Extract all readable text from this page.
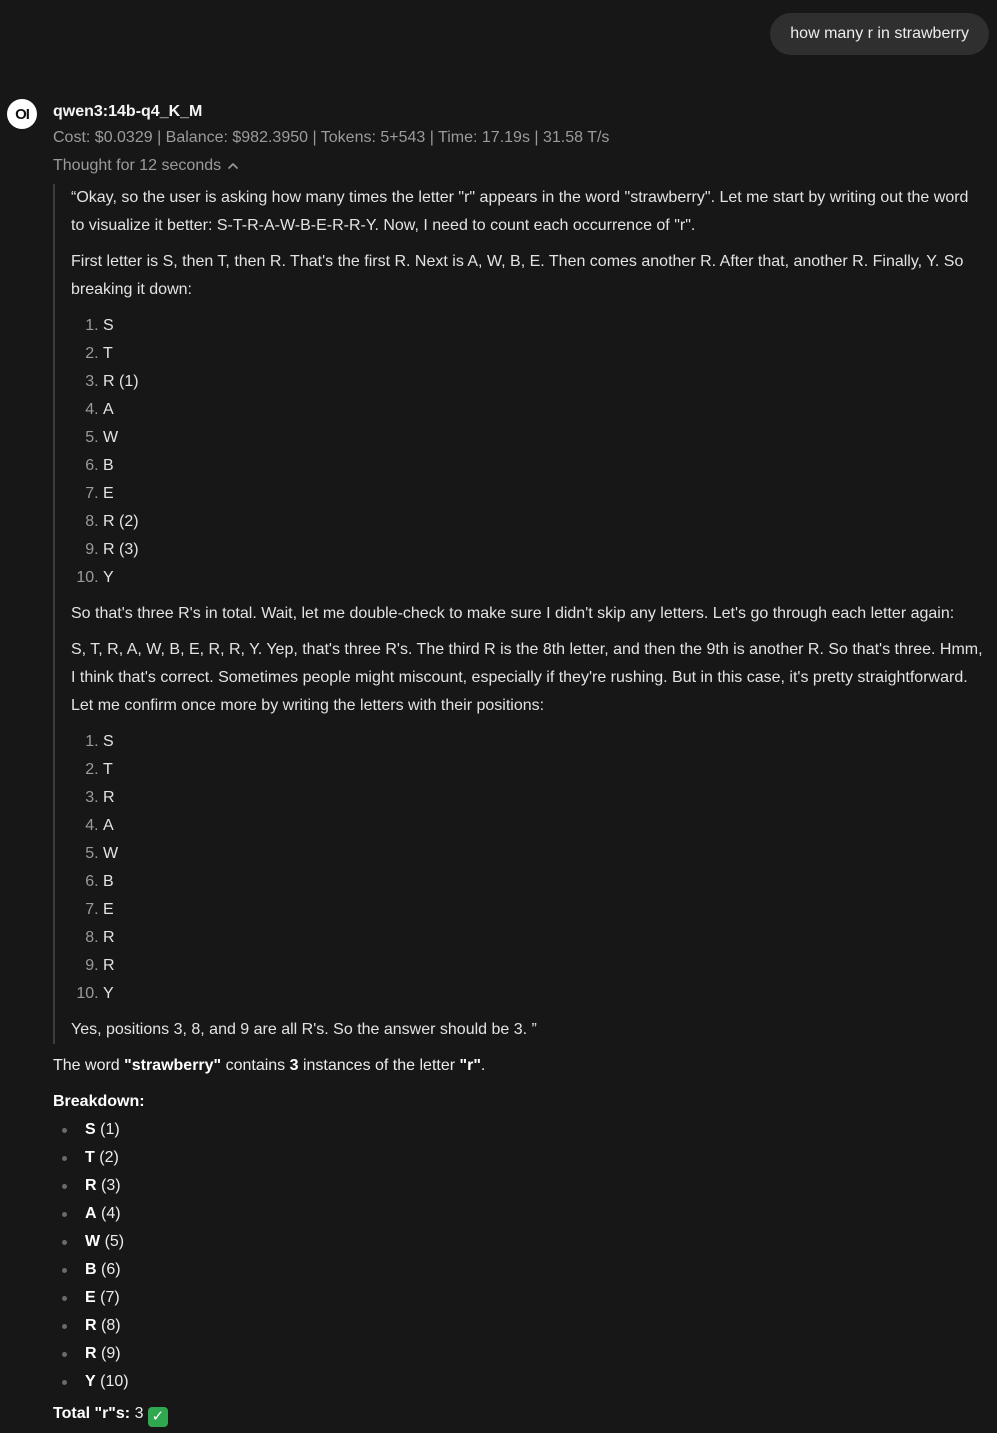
how many r in strawberry
OI	qwen3:14b-q4_K_M
Cost: $0.0329 | Balance: $982.3950 | Tokens: 5+543 | Time: 17.19s | 31.58 T/s
Thought for 12 seconds

“Okay, so the user is asking how many times the letter "r" appears in the word "strawberry". Let me start by writing out the word to visualize it better: S-T-R-A-W-B-E-R-R-Y. Now, I need to count each occurrence of "r".

First letter is S, then T, then R. That's the first R. Next is A, W, B, E. Then comes another R. After that, another R. Finally, Y. So breaking it down:

1. S
2. T
3. R (1)
4. A
5. W
6. B
7. E
8. R (2)
9. R (3)
10. Y

So that's three R's in total. Wait, let me double-check to make sure I didn't skip any letters. Let's go through each letter again:

S, T, R, A, W, B, E, R, R, Y. Yep, that's three R's. The third R is the 8th letter, and then the 9th is another R. So that's three. Hmm, I think that's correct. Sometimes people might miscount, especially if they're rushing. But in this case, it's pretty straightforward. Let me confirm once more by writing the letters with their positions:

1. S
2. T
3. R
4. A
5. W
6. B
7. E
8. R
9. R
10. Y

Yes, positions 3, 8, and 9 are all R's. So the answer should be 3. ”

The word "strawberry" contains 3 instances of the letter "r".

Breakdown:
S (1)
T (2)
R (3)
A (4)
W (5)
B (6)
E (7)
R (8)
R (9)
Y (10)
Total "r"s: 3 ✓
